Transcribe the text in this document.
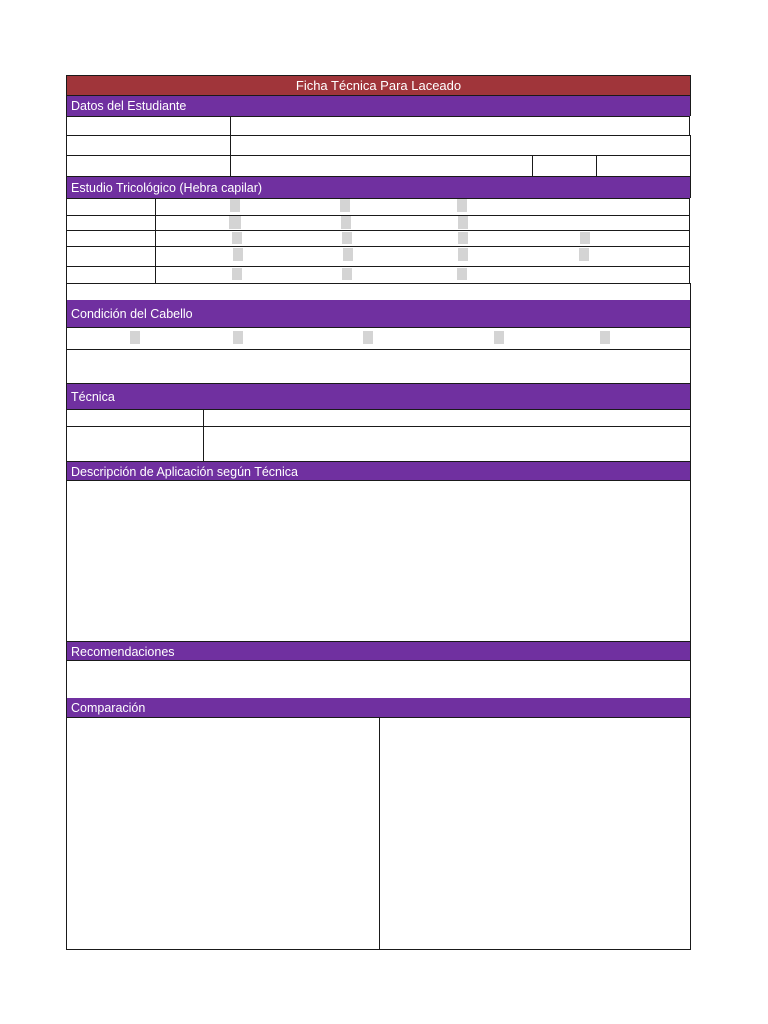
Ficha Técnica Para Laceado
Datos del Estudiante
Estudio Tricológico (Hebra capilar)
Condición del Cabello
Técnica
Descripción de Aplicación según Técnica
Recomendaciones
Comparación
